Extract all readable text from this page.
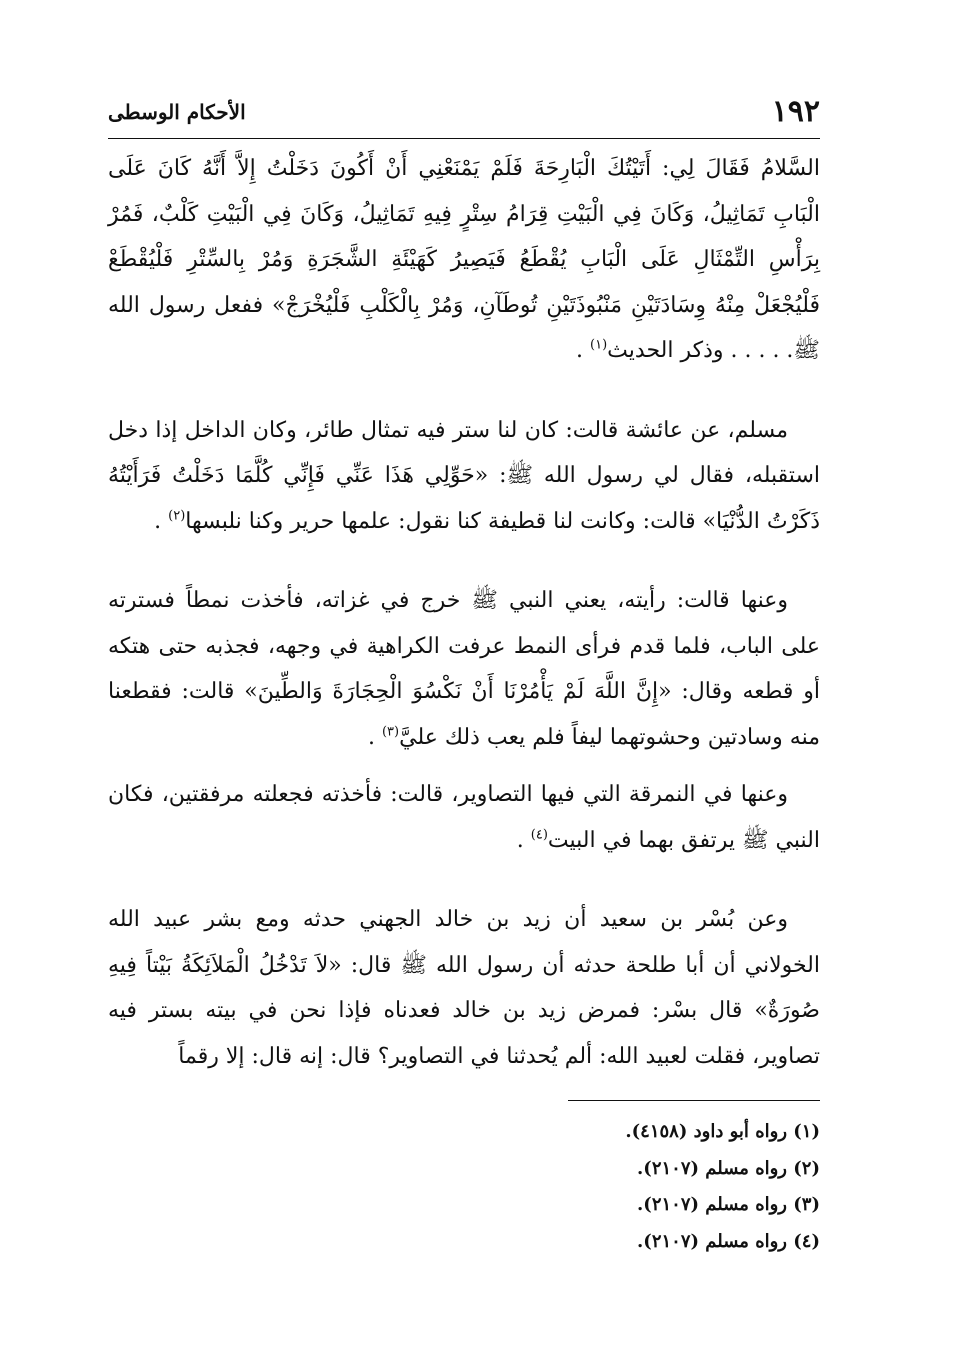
الأحكام الوسطى	١٩٢

السَّلامُ فَقَالَ لِي: أَتَيْتُكَ الْبَارِحَةَ فَلَمْ يَمْنَعْنِي أَنْ أَكُونَ دَخَلْتُ إِلاَّ أَنَّهُ كَانَ عَلَى الْبَابِ تَمَاثِيلُ، وَكَانَ فِي الْبَيْتِ قِرَامُ سِتْرٍ فِيهِ تَمَاثِيلُ، وَكَانَ فِي الْبَيْتِ كَلْبٌ، فَمُرْ بِرَأْسِ التِّمْثَالِ عَلَى الْبَابِ يُقْطَعُ فَيَصِيرُ كَهَيْئَةِ الشَّجَرَةِ وَمُرْ بِالسِّتْرِ فَلْيُقْطَعْ فَلْيُجْعَلْ مِنْهُ وِسَادَتَيْنِ مَنْبُوذَتَيْنِ تُوطَآنِ، وَمُرْ بِالْكَلْبِ فَلْيُخْرَجْ» ففعل رسول الله ﷺ. . . . . وذكر الحديث$^{(١)}$ .

مسلم، عن عائشة قالت: كان لنا ستر فيه تمثال طائر، وكان الداخل إذا دخل استقبله، فقال لي رسول الله ﷺ: «حَوِّلِي هَذَا عَنِّي فَإِنِّي كُلَّمَا دَخَلْتُ فَرَأَيْتُهُ ذَكَرْتُ الدُّنْيَا» قالت: وكانت لنا قطيفة كنا نقول: علمها حرير وكنا نلبسها$^{(٢)}$ .

وعنها قالت: رأيته، يعني النبي ﷺ خرج في غزاته، فأخذت نمطاً فسترته على الباب، فلما قدم فرأى النمط عرفت الكراهية في وجهه، فجذبه حتى هتكه أو قطعه وقال: «إِنَّ اللَّهَ لَمْ يَأْمُرْنَا أَنْ نَكْسُوَ الْحِجَارَةَ وَالطِّينَ» قالت: فقطعنا منه وسادتين وحشوتهما ليفاً فلم يعب ذلك عليَّ$^{(٣)}$ .

وعنها في النمرقة التي فيها التصاوير، قالت: فأخذته فجعلته مرفقتين، فكان النبي ﷺ يرتفق بهما في البيت$^{(٤)}$ .

وعن بُسْر بن سعيد أن زيد بن خالد الجهني حدثه ومع بشر عبيد الله الخولاني أن أبا طلحة حدثه أن رسول الله ﷺ قال: «لاَ تَدْخُلُ الْمَلاَئِكَةُ بَيْتاً فِيهِ صُورَةٌ» قال بسْر: فمرض زيد بن خالد فعدناه فإذا نحن في بيته بستر فيه تصاوير، فقلت لعبيد الله: ألم يُحدثنا في التصاوير؟ قال: إنه قال: إلا رقماً

(١) رواه أبو داود (٤١٥٨).

(٢) رواه مسلم (٢١٠٧).

(٣) رواه مسلم (٢١٠٧).

(٤) رواه مسلم (٢١٠٧).
